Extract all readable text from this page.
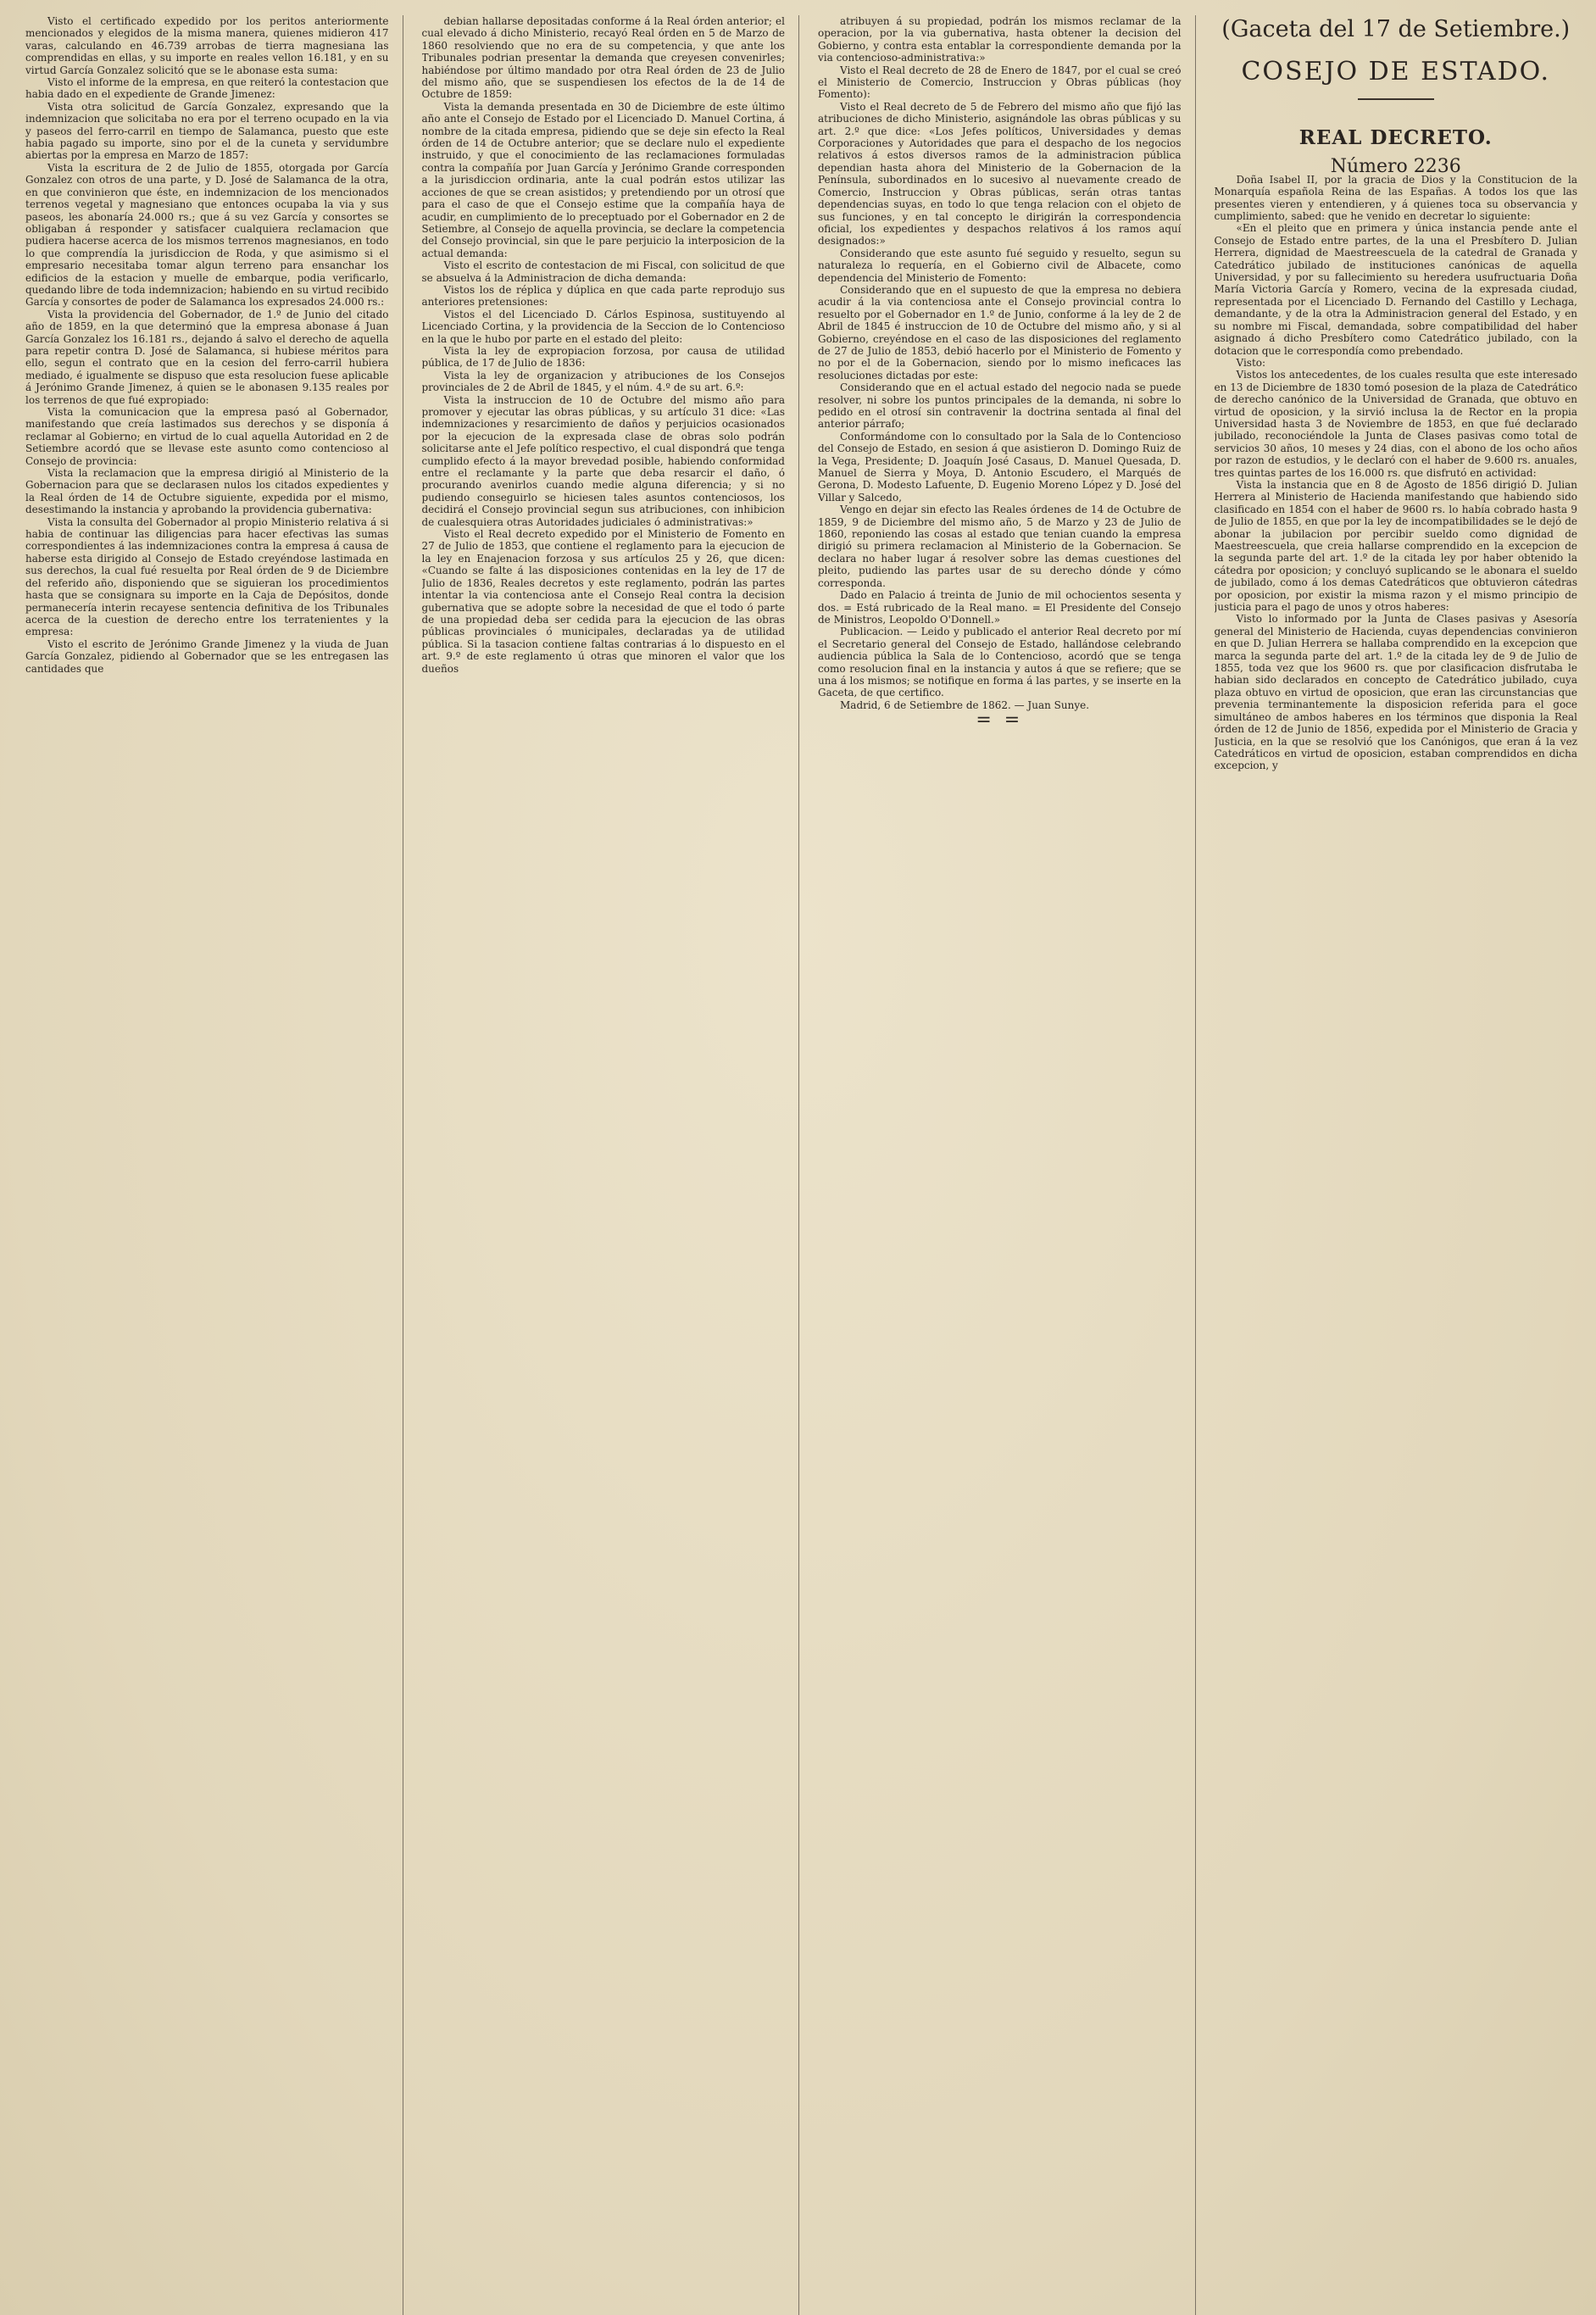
Visto el certificado expedido por los peritos anteriormente mencionados y elegidos de la misma manera, quienes midieron 417 varas, calculando en 46.739 arrobas de tierra magnesiana las comprendidas en ellas, y su importe en reales vellon 16.181, y en su virtud García Gonzalez solicitó que se le abonase esta suma:

Visto el informe de la empresa, en que reiteró la contestacion que habia dado en el expediente de Grande Jimenez:

Vista otra solicitud de García Gonzalez, expresando que la indemnizacion que solicitaba no era por el terreno ocupado en la via y paseos del ferro-carril en tiempo de Salamanca, puesto que este habia pagado su importe, sino por el de la cuneta y servidumbre abiertas por la empresa en Marzo de 1857:

Vista la escritura de 2 de Julio de 1855, otorgada por García Gonzalez con otros de una parte, y D. José de Salamanca de la otra, en que convinieron que éste, en indemnizacion de los mencionados terrenos vegetal y magnesiano que entonces ocupaba la via y sus paseos, les abonaría 24.000 rs.; que á su vez García y consortes se obligaban á responder y satisfacer cualquiera reclamacion que pudiera hacerse acerca de los mismos terrenos magnesianos, en todo lo que comprendía la jurisdiccion de Roda, y que asimismo si el empresario necesitaba tomar algun terreno para ensanchar los edificios de la estacion y muelle de embarque, podia verificarlo, quedando libre de toda indemnizacion; habiendo en su virtud recibido García y consortes de poder de Salamanca los expresados 24.000 rs.:

Vista la providencia del Gobernador, de 1.º de Junio del citado año de 1859, en la que determinó que la empresa abonase á Juan García Gonzalez los 16.181 rs., dejando á salvo el derecho de aquella para repetir contra D. José de Salamanca, si hubiese méritos para ello, segun el contrato que en la cesion del ferro-carril hubiera mediado, é igualmente se dispuso que esta resolucion fuese aplicable á Jerónimo Grande Jimenez, á quien se le abonasen 9.135 reales por los terrenos de que fué expropiado:

Vista la comunicacion que la empresa pasó al Gobernador, manifestando que creía lastimados sus derechos y se disponía á reclamar al Gobierno; en virtud de lo cual aquella Autoridad en 2 de Setiembre acordó que se llevase este asunto como contencioso al Consejo de provincia:

Vista la reclamacion que la empresa dirigió al Ministerio de la Gobernacion para que se declarasen nulos los citados expedientes y la Real órden de 14 de Octubre siguiente, expedida por el mismo, desestimando la instancia y aprobando la providencia gubernativa:

Vista la consulta del Gobernador al propio Ministerio relativa á si habia de continuar las diligencias para hacer efectivas las sumas correspondientes á las indemnizaciones contra la empresa á causa de haberse esta dirigido al Consejo de Estado creyéndose lastimada en sus derechos, la cual fué resuelta por Real órden de 9 de Diciembre del referido año, disponiendo que se siguieran los procedimientos hasta que se consignara su importe en la Caja de Depósitos, donde permanecería interin recayese sentencia definitiva de los Tribunales acerca de la cuestion de derecho entre los terratenientes y la empresa:

Visto el escrito de Jerónimo Grande Jimenez y la viuda de Juan García Gonzalez, pidiendo al Gobernador que se les entregasen las cantidades que

debian hallarse depositadas conforme á la Real órden anterior; el cual elevado á dicho Ministerio, recayó Real órden en 5 de Marzo de 1860 resolviendo que no era de su competencia, y que ante los Tribunales podrian presentar la demanda que creyesen convenirles; habiéndose por último mandado por otra Real órden de 23 de Julio del mismo año, que se suspendiesen los efectos de la de 14 de Octubre de 1859:

Vista la demanda presentada en 30 de Diciembre de este último año ante el Consejo de Estado por el Licenciado D. Manuel Cortina, á nombre de la citada empresa, pidiendo que se deje sin efecto la Real órden de 14 de Octubre anterior; que se declare nulo el expediente instruido, y que el conocimiento de las reclamaciones formuladas contra la compañía por Juan García y Jerónimo Grande corresponden a la jurisdiccion ordinaria, ante la cual podrán estos utilizar las acciones de que se crean asistidos; y pretendiendo por un otrosí que para el caso de que el Consejo estime que la compañía haya de acudir, en cumplimiento de lo preceptuado por el Gobernador en 2 de Setiembre, al Consejo de aquella provincia, se declare la competencia del Consejo provincial, sin que le pare perjuicio la interposicion de la actual demanda:

Visto el escrito de contestacion de mi Fiscal, con solicitud de que se absuelva á la Administracion de dicha demanda:

Vistos los de réplica y dúplica en que cada parte reprodujo sus anteriores pretensiones:

Vistos el del Licenciado D. Cárlos Espinosa, sustituyendo al Licenciado Cortina, y la providencia de la Seccion de lo Contencioso en la que le hubo por parte en el estado del pleito:

Vista la ley de expropiacion forzosa, por causa de utilidad pública, de 17 de Julio de 1836:

Vista la ley de organizacion y atribuciones de los Consejos provinciales de 2 de Abril de 1845, y el núm. 4.º de su art. 6.º:

Vista la instruccion de 10 de Octubre del mismo año para promover y ejecutar las obras públicas, y su artículo 31 dice: «Las indemnizaciones y resarcimiento de daños y perjuicios ocasionados por la ejecucion de la expresada clase de obras solo podrán solicitarse ante el Jefe político respectivo, el cual dispondrá que tenga cumplido efecto á la mayor brevedad posible, habiendo conformidad entre el reclamante y la parte que deba resarcir el daño, ó procurando avenirlos cuando medie alguna diferencia; y si no pudiendo conseguirlo se hiciesen tales asuntos contenciosos, los decidirá el Consejo provincial segun sus atribuciones, con inhibicion de cualesquiera otras Autoridades judiciales ó administrativas:»

Visto el Real decreto expedido por el Ministerio de Fomento en 27 de Julio de 1853, que contiene el reglamento para la ejecucion de la ley en Enajenacion forzosa y sus artículos 25 y 26, que dicen: «Cuando se falte á las disposiciones contenidas en la ley de 17 de Julio de 1836, Reales decretos y este reglamento, podrán las partes intentar la via contenciosa ante el Consejo Real contra la decision gubernativa que se adopte sobre la necesidad de que el todo ó parte de una propiedad deba ser cedida para la ejecucion de las obras públicas provinciales ó municipales, declaradas ya de utilidad pública. Si la tasacion contiene faltas contrarias á lo dispuesto en el art. 9.º de este reglamento ú otras que minoren el valor que los dueños

atribuyen á su propiedad, podrán los mismos reclamar de la operacion, por la via gubernativa, hasta obtener la decision del Gobierno, y contra esta entablar la correspondiente demanda por la via contencioso-administrativa:»

Visto el Real decreto de 28 de Enero de 1847, por el cual se creó el Ministerio de Comercio, Instruccion y Obras públicas (hoy Fomento):

Visto el Real decreto de 5 de Febrero del mismo año que fijó las atribuciones de dicho Ministerio, asignándole las obras públicas y su art. 2.º que dice: «Los Jefes políticos, Universidades y demas Corporaciones y Autoridades que para el despacho de los negocios relativos á estos diversos ramos de la administracion pública dependian hasta ahora del Ministerio de la Gobernacion de la Península, subordinados en lo sucesivo al nuevamente creado de Comercio, Instruccion y Obras públicas, serán otras tantas dependencias suyas, en todo lo que tenga relacion con el objeto de sus funciones, y en tal concepto le dirigirán la correspondencia oficial, los expedientes y despachos relativos á los ramos aquí designados:»

Considerando que este asunto fué seguido y resuelto, segun su naturaleza lo requería, en el Gobierno civil de Albacete, como dependencia del Ministerio de Fomento:

Considerando que en el supuesto de que la empresa no debiera acudir á la via contenciosa ante el Consejo provincial contra lo resuelto por el Gobernador en 1.º de Junio, conforme á la ley de 2 de Abril de 1845 é instruccion de 10 de Octubre del mismo año, y si al Gobierno, creyéndose en el caso de las disposiciones del reglamento de 27 de Julio de 1853, debió hacerlo por el Ministerio de Fomento y no por el de la Gobernacion, siendo por lo mismo ineficaces las resoluciones dictadas por este:

Considerando que en el actual estado del negocio nada se puede resolver, ni sobre los puntos principales de la demanda, ni sobre lo pedido en el otrosí sin contravenir la doctrina sentada al final del anterior párrafo;

Conformándome con lo consultado por la Sala de lo Contencioso del Consejo de Estado, en sesion á que asistieron D. Domingo Ruiz de la Vega, Presidente; D. Joaquín José Casaus, D. Manuel Quesada, D. Manuel de Sierra y Moya, D. Antonio Escudero, el Marqués de Gerona, D. Modesto Lafuente, D. Eugenio Moreno López y D. José del Villar y Salcedo,

Vengo en dejar sin efecto las Reales órdenes de 14 de Octubre de 1859, 9 de Diciembre del mismo año, 5 de Marzo y 23 de Julio de 1860, reponiendo las cosas al estado que tenian cuando la empresa dirigió su primera reclamacion al Ministerio de la Gobernacion. Se declara no haber lugar á resolver sobre las demas cuestiones del pleito, pudiendo las partes usar de su derecho dónde y cómo corresponda.

Dado en Palacio á treinta de Junio de mil ochocientos sesenta y dos. = Está rubricado de la Real mano. = El Presidente del Consejo de Ministros, Leopoldo O'Donnell.»

Publicacion. — Leido y publicado el anterior Real decreto por mí el Secretario general del Consejo de Estado, hallándose celebrando audiencia pública la Sala de lo Contencioso, acordó que se tenga como resolucion final en la instancia y autos á que se refiere; que se una á los mismos; se notifique en forma á las partes, y se inserte en la Gaceta, de que certifico.

Madrid, 6 de Setiembre de 1862. — Juan Sunye.

= =

(Gaceta del 17 de Setiembre.)

COSEJO DE ESTADO.

REAL DECRETO.

Número 2236

Doña Isabel II, por la gracia de Dios y la Constitucion de la Monarquía española Reina de las Españas. A todos los que las presentes vieren y entendieren, y á quienes toca su observancia y cumplimiento, sabed: que he venido en decretar lo siguiente:

«En el pleito que en primera y única instancia pende ante el Consejo de Estado entre partes, de la una el Presbítero D. Julian Herrera, dignidad de Maestreescuela de la catedral de Granada y Catedrático jubilado de instituciones canónicas de aquella Universidad, y por su fallecimiento su heredera usufructuaria Doña María Victoria García y Romero, vecina de la expresada ciudad, representada por el Licenciado D. Fernando del Castillo y Lechaga, demandante, y de la otra la Administracion general del Estado, y en su nombre mi Fiscal, demandada, sobre compatibilidad del haber asignado á dicho Presbítero como Catedrático jubilado, con la dotacion que le correspondía como prebendado.

Visto:

Vistos los antecedentes, de los cuales resulta que este interesado en 13 de Diciembre de 1830 tomó posesion de la plaza de Catedrático de derecho canónico de la Universidad de Granada, que obtuvo en virtud de oposicion, y la sirvió inclusa la de Rector en la propia Universidad hasta 3 de Noviembre de 1853, en que fué declarado jubilado, reconociéndole la Junta de Clases pasivas como total de servicios 30 años, 10 meses y 24 dias, con el abono de los ocho años por razon de estudios, y le declaró con el haber de 9.600 rs. anuales, tres quintas partes de los 16.000 rs. que disfrutó en actividad:

Vista la instancia que en 8 de Agosto de 1856 dirigió D. Julian Herrera al Ministerio de Hacienda manifestando que habiendo sido clasificado en 1854 con el haber de 9600 rs. lo había cobrado hasta 9 de Julio de 1855, en que por la ley de incompatibilidades se le dejó de abonar la jubilacion por percibir sueldo como dignidad de Maestreescuela, que creia hallarse comprendido en la excepcion de la segunda parte del art. 1.º de la citada ley por haber obtenido la cátedra por oposicion; y concluyó suplicando se le abonara el sueldo de jubilado, como á los demas Catedráticos que obtuvieron cátedras por oposicion, por existir la misma razon y el mismo principio de justicia para el pago de unos y otros haberes:

Visto lo informado por la Junta de Clases pasivas y Asesoría general del Ministerio de Hacienda, cuyas dependencias convinieron en que D. Julian Herrera se hallaba comprendido en la excepcion que marca la segunda parte del art. 1.º de la citada ley de 9 de Julio de 1855, toda vez que los 9600 rs. que por clasificacion disfrutaba le habian sido declarados en concepto de Catedrático jubilado, cuya plaza obtuvo en virtud de oposicion, que eran las circunstancias que prevenia terminantemente la disposicion referida para el goce simultáneo de ambos haberes en los términos que disponia la Real órden de 12 de Junio de 1856, expedida por el Ministerio de Gracia y Justicia, en la que se resolvió que los Canónigos, que eran á la vez Catedráticos en virtud de oposicion, estaban comprendidos en dicha excepcion, y
